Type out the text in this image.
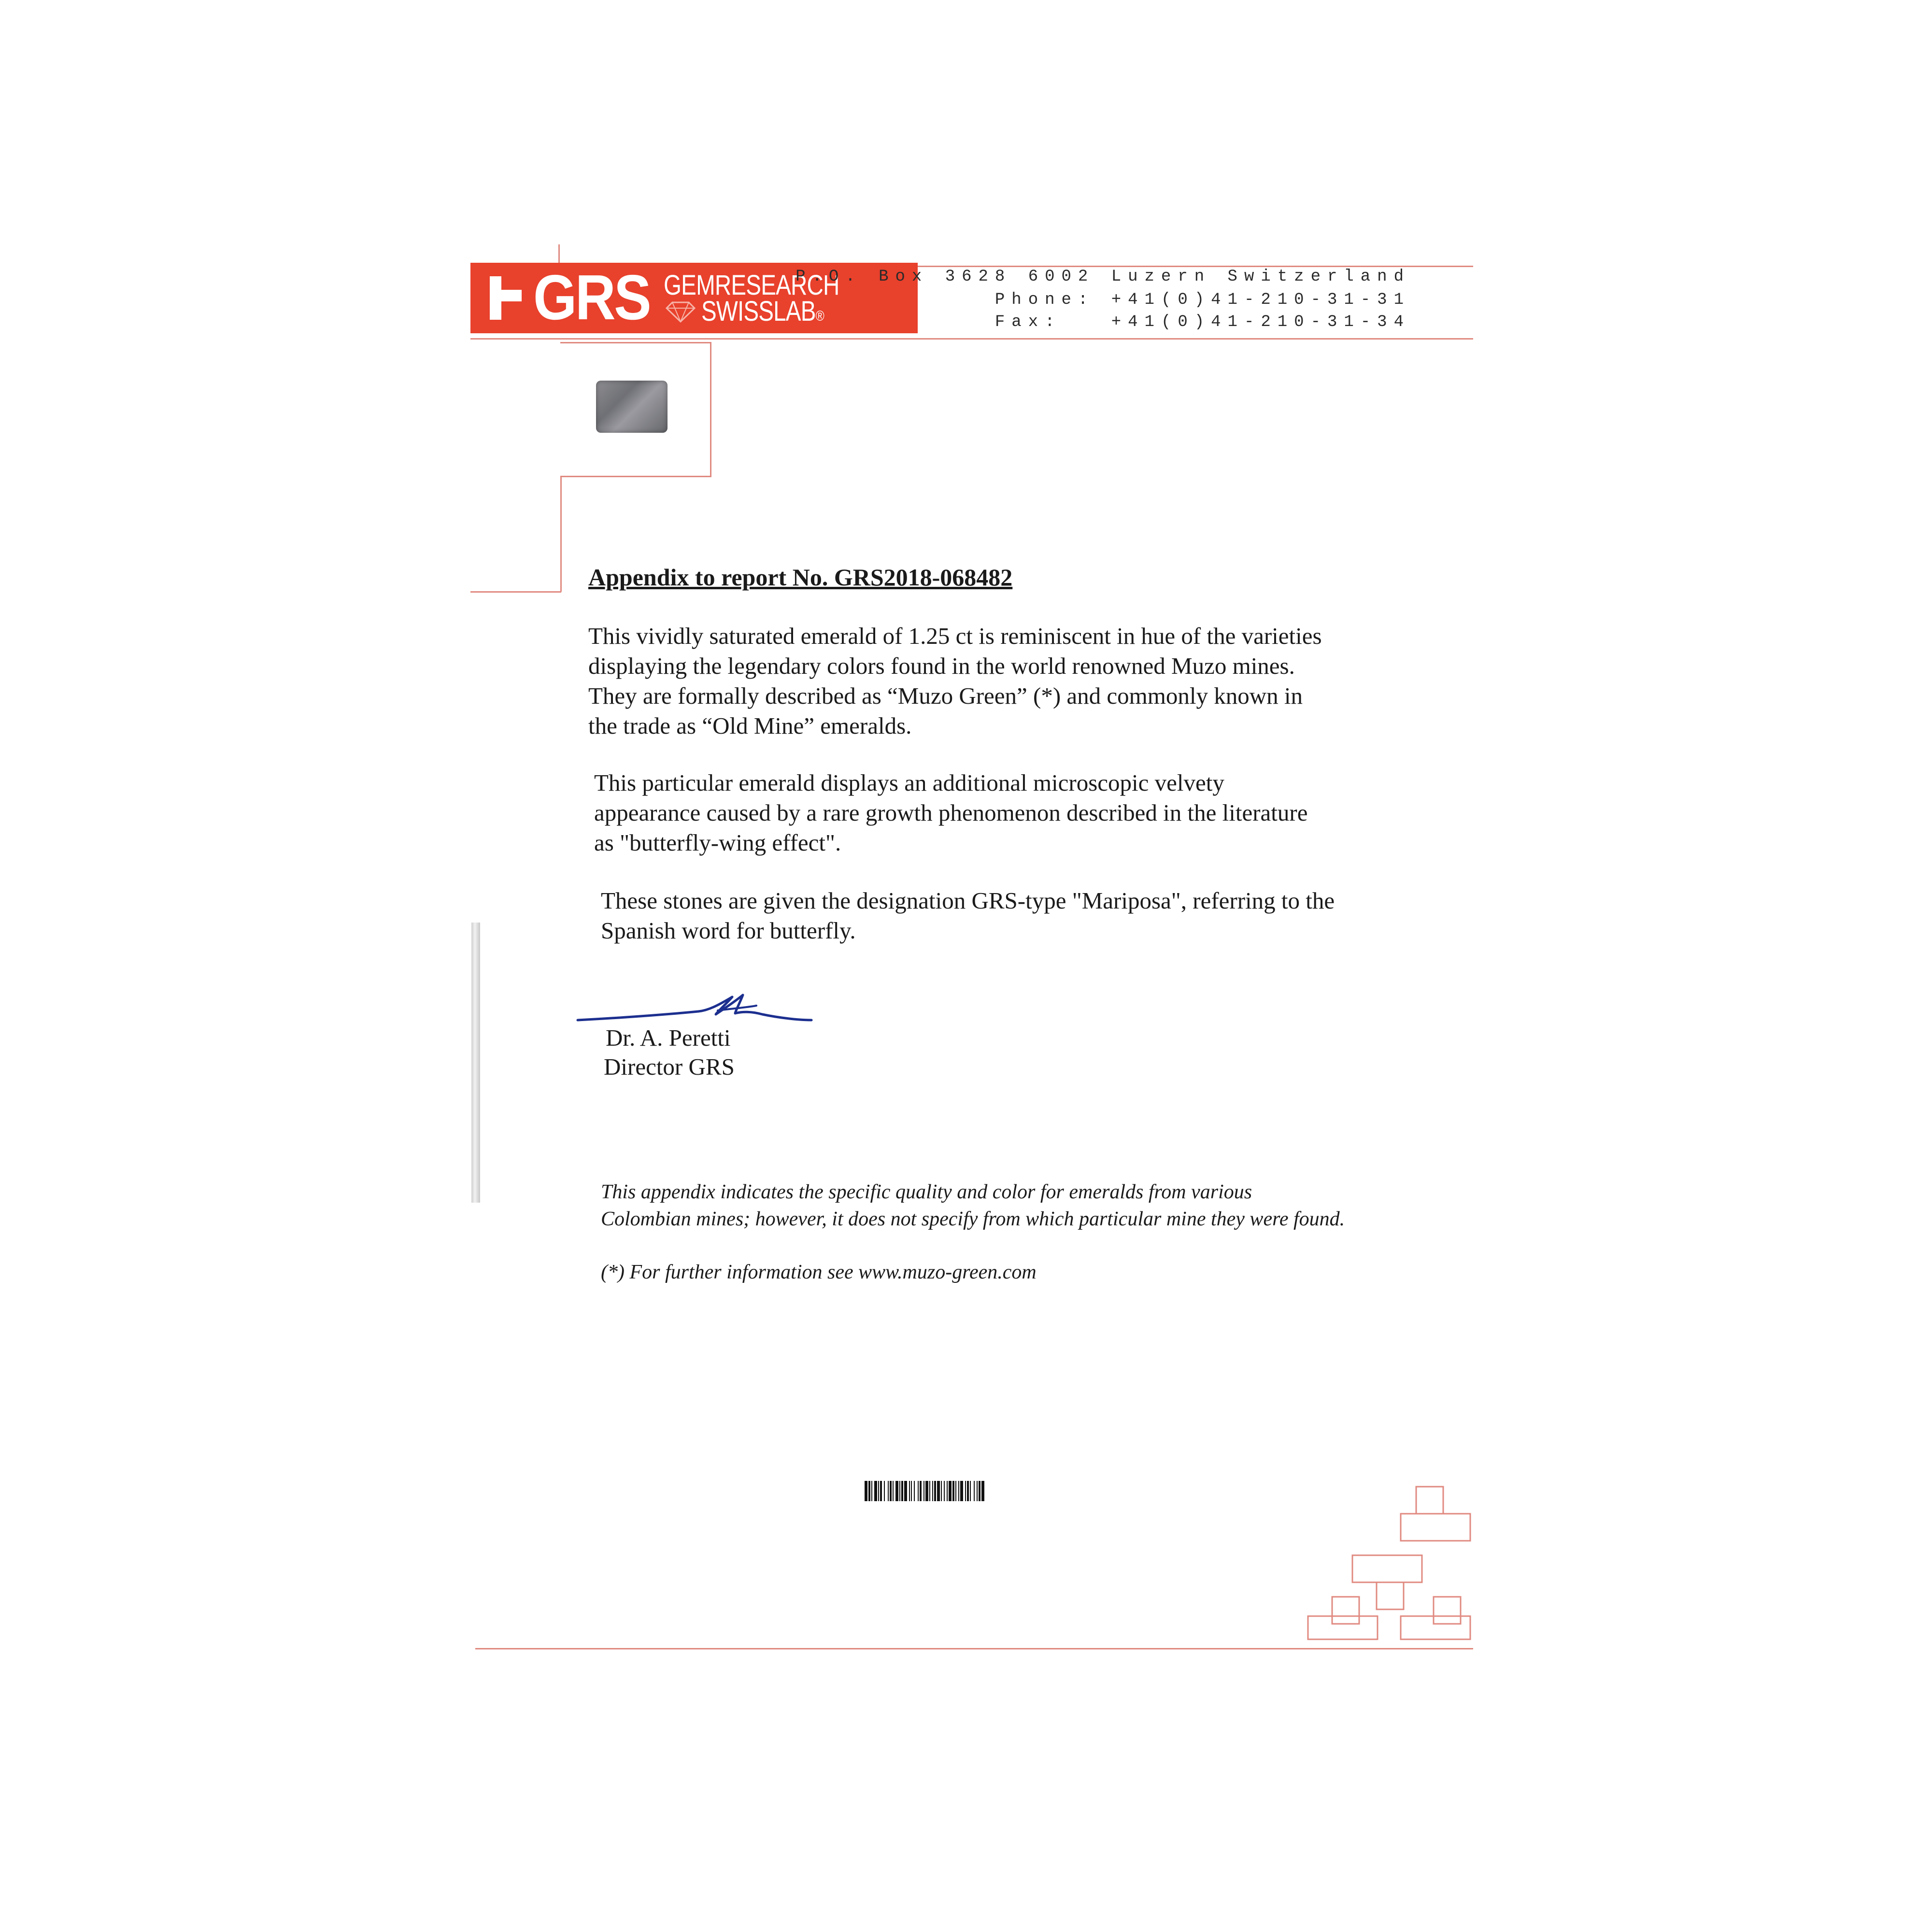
GRS GEMRESEARCH
SWISSLAB®
P.O. Box 3628 6002 Luzern Switzerland
Phone: +41(0)41-210-31-31
Fax:   +41(0)41-210-31-34
Appendix to report No. GRS2018-068482
This vividly saturated emerald of 1.25 ct is reminiscent in hue of the varieties
displaying the legendary colors found in the world renowned Muzo mines.
They are formally described as “Muzo Green” (*) and commonly known in
the trade as “Old Mine” emeralds.
This particular emerald displays an additional microscopic velvety
appearance caused by a rare growth phenomenon described in the literature
as "butterfly-wing effect".
These stones are given the designation GRS-type "Mariposa", referring to the
Spanish word for butterfly.
Dr. A. Peretti
Director GRS
This appendix indicates the specific quality and color for emeralds from various
Colombian mines; however, it does not specify from which particular mine they were found.
(*) For further information see www.muzo-green.com
